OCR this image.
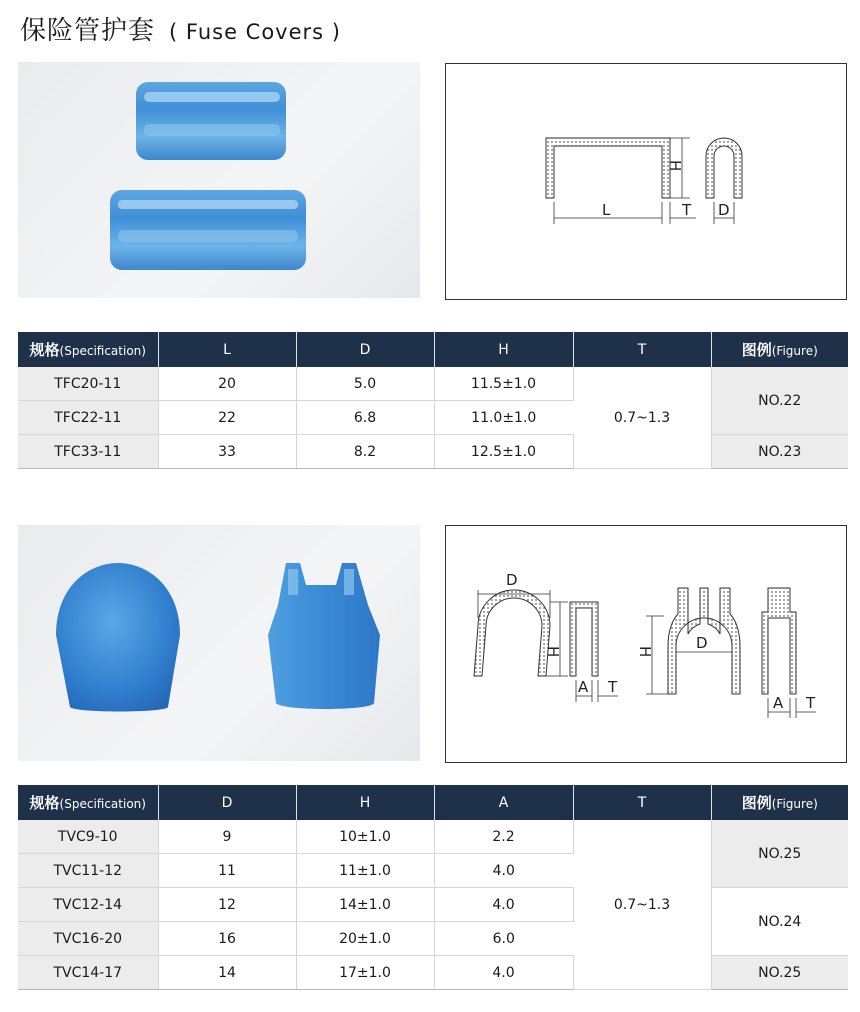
保险管护套 ( Fuse Covers )
L
H
T D
规格(Specification)	L	D	H	T	图例(Figure)
TFC20-11	20	5.0	11.5±1.0	0.7~1.3	NO.22
TFC22-11	22	6.8	11.0±1.0		
TFC33-11	33	8.2	12.5±1.0		NO.23
D
H
A T
H	D
A T
规格(Specification)	D	H	A	T	图例(Figure)
TVC9-10	9	10±1.0	2.2	0.7~1.3	NO.25
TVC11-12	11	11±1.0	4.0		
TVC12-14	12	14±1.0	4.0		NO.24
TVC16-20	16	20±1.0	6.0		
TVC14-17	14	17±1.0	4.0		NO.25
